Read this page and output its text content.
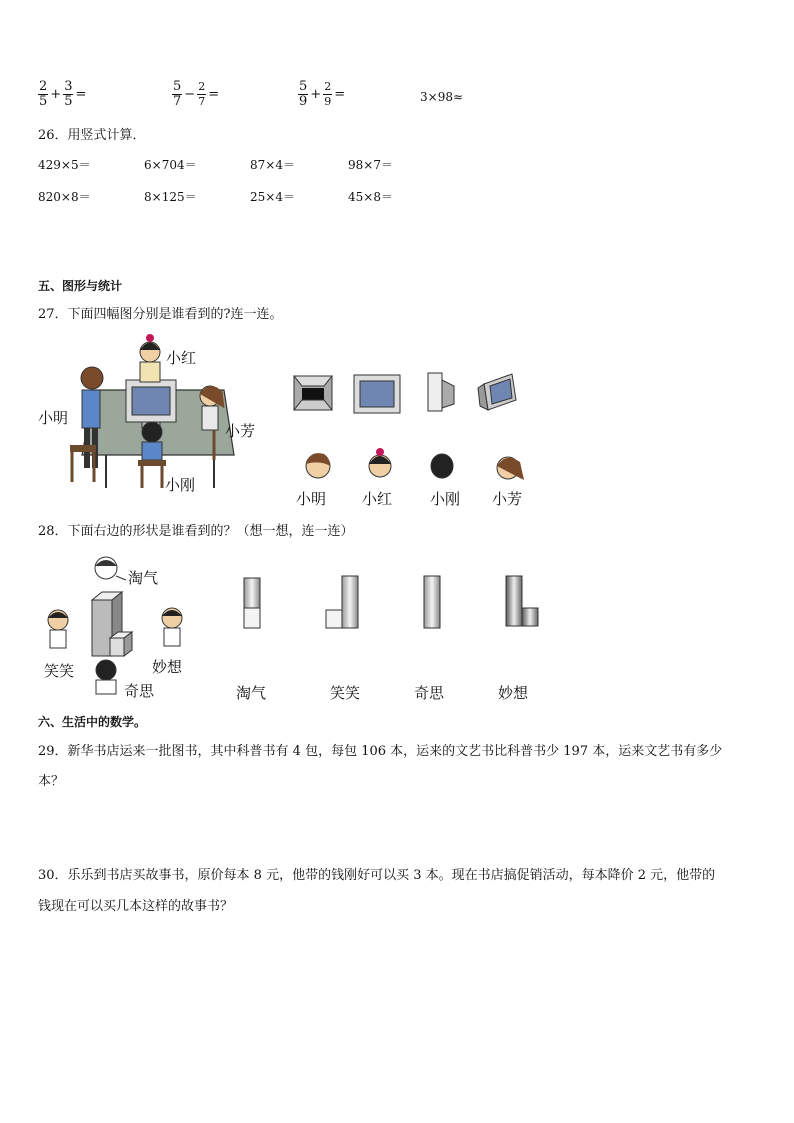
$\frac{2}{5} + \frac{3}{5}$ =	$\frac{5}{7} - \frac{2}{7}$ =	$\frac{5}{9} + \frac{2}{9}$ =	3×98≈
26．用竖式计算．
429×5＝	6×704＝	87×4＝	98×7＝
820×8＝	8×125＝	25×4＝	45×8＝
五、图形与统计
27．下面四幅图分别是谁看到的?连一连。
小红
小明
小芳
小刚
小明 小红	小刚 小芳
28．下面右边的形状是谁看到的？（想一想，连一连）
淘气
笑笑	妙想
奇思	淘气	笑笑	奇思	妙想
六、生活中的数学。
29．新华书店运来一批图书，其中科普书有 4 包，每包 106 本，运来的文艺书比科普书少 197 本，运来文艺书有多少
本？
30．乐乐到书店买故事书，原价每本 8 元，他带的钱刚好可以买 3 本。现在书店搞促销活动，每本降价 2 元，他带的
钱现在可以买几本这样的故事书？
